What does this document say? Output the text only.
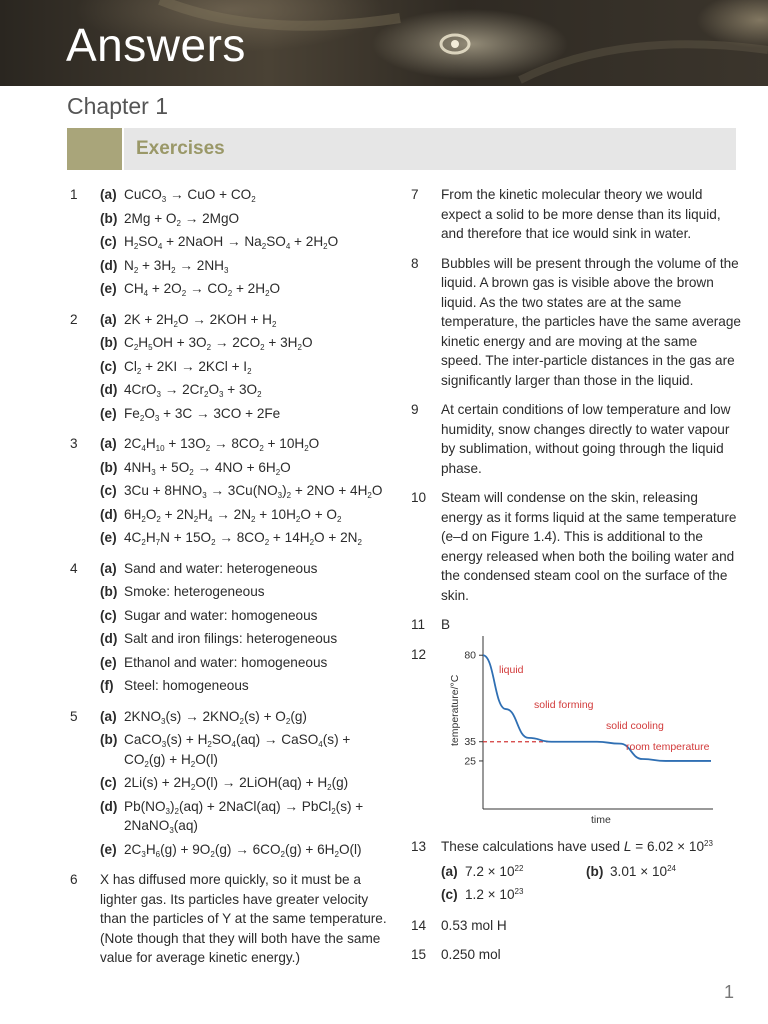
Answers
Chapter 1
Exercises
1	(a) CuCO$_3$ → CuO + $CO_2$
(b) $2Mg + O_2 \to 2MgO$
(c) $H_2SO_4$ + 2NaOH → $Na_2SO_4 + 2H_2O$
(d) $N_2 + 3H_2 \to 2NH_3$
(e) $CH_4 + 2O_2 \to CO_2 + 2H_2O$
2	(a) $2K + 2H_2O \to 2KOH + H_2$
(b) $C_2H_5OH + 3O_2 \to 2CO_2 + 3H_2O$
(c) $Cl_2 + 2KI \to 2KCl + I_2$
(d) $4CrO_3 \to 2Cr_2O_3 + 3O_2$
(e) $Fe_2O_3 + 3C \to 3CO + 2Fe$
3	(a) $2C_4H_{10} + 13O_2 \to 8CO_2 + 10H_2O$
(b) $4NH_3 + 5O_2 \to 4NO + 6H_2O$
(c) $3Cu + 8HNO_3 \to 3Cu(NO_3)_2 + 2NO + 4H_2O$
(d) $6H_2O_2 + 2N_2H_4 \to 2N_2 + 10H_2O + O_2$
(e) $4C_2H_7N + 15O_2 \to 8CO_2 + 14H_2O + 2N_2$
4	(a) Sand and water: heterogeneous
(b) Smoke: heterogeneous
(c) Sugar and water: homogeneous
(d) Salt and iron filings: heterogeneous
(e) Ethanol and water: homogeneous
(f) Steel: homogeneous
5	(a) $2KNO_3(s) \to 2KNO_2(s) + O_2(g)$
(b) CaCO$_3$(s) + $H_2SO_4(aq)$ → CaSO$_4$(s) + $CO_2(g) + H_2O(l)$
(c) $2Li(s) + 2H_2O(l)$ → 2LiOH(aq) + $H_2(g)$
(d) $Pb(NO_3)_2(aq)$ + 2NaCl(aq) → PbCl$_2$(s) + 2NaNO$_3$(aq)
(e) $2C_3H_6(g) + 9O_2(g) \to 6CO_2(g) + 6H_2O(l)$
6	X has diffused more quickly, so it must be a lighter gas. Its particles have greater velocity than the particles of Y at the same temperature. (Note though that they will both have the same value for average kinetic energy.)
7	From the kinetic molecular theory we would expect a solid to be more dense than its liquid, and therefore that ice would sink in water.
8	Bubbles will be present through the volume of the liquid. A brown gas is visible above the brown liquid. As the two states are at the same temperature, the particles have the same average kinetic energy and are moving at the same speed. The inter-particle distances in the gas are significantly larger than those in the liquid.
9	At certain conditions of low temperature and low humidity, snow changes directly to water vapour by sublimation, without going through the liquid phase.
10	Steam will condense on the skin, releasing energy as it forms liquid at the same temperature (e–d on Figure 1.4). This is additional to the energy released when both the boiling water and the condensed steam cool on the surface of the skin.
11	B
12	80
35
25
liquid
solid forming
solid cooling
room temperature
time
temperature/°C
13	These calculations have used $L = 6.02 \times 10^{23}$
(a) $7.2 \times 10^{22}$	(b) $3.01 \times 10^{24}$
(c) $1.2 \times 10^{23}$
14	0.53 mol H
15	0.250 mol
1
